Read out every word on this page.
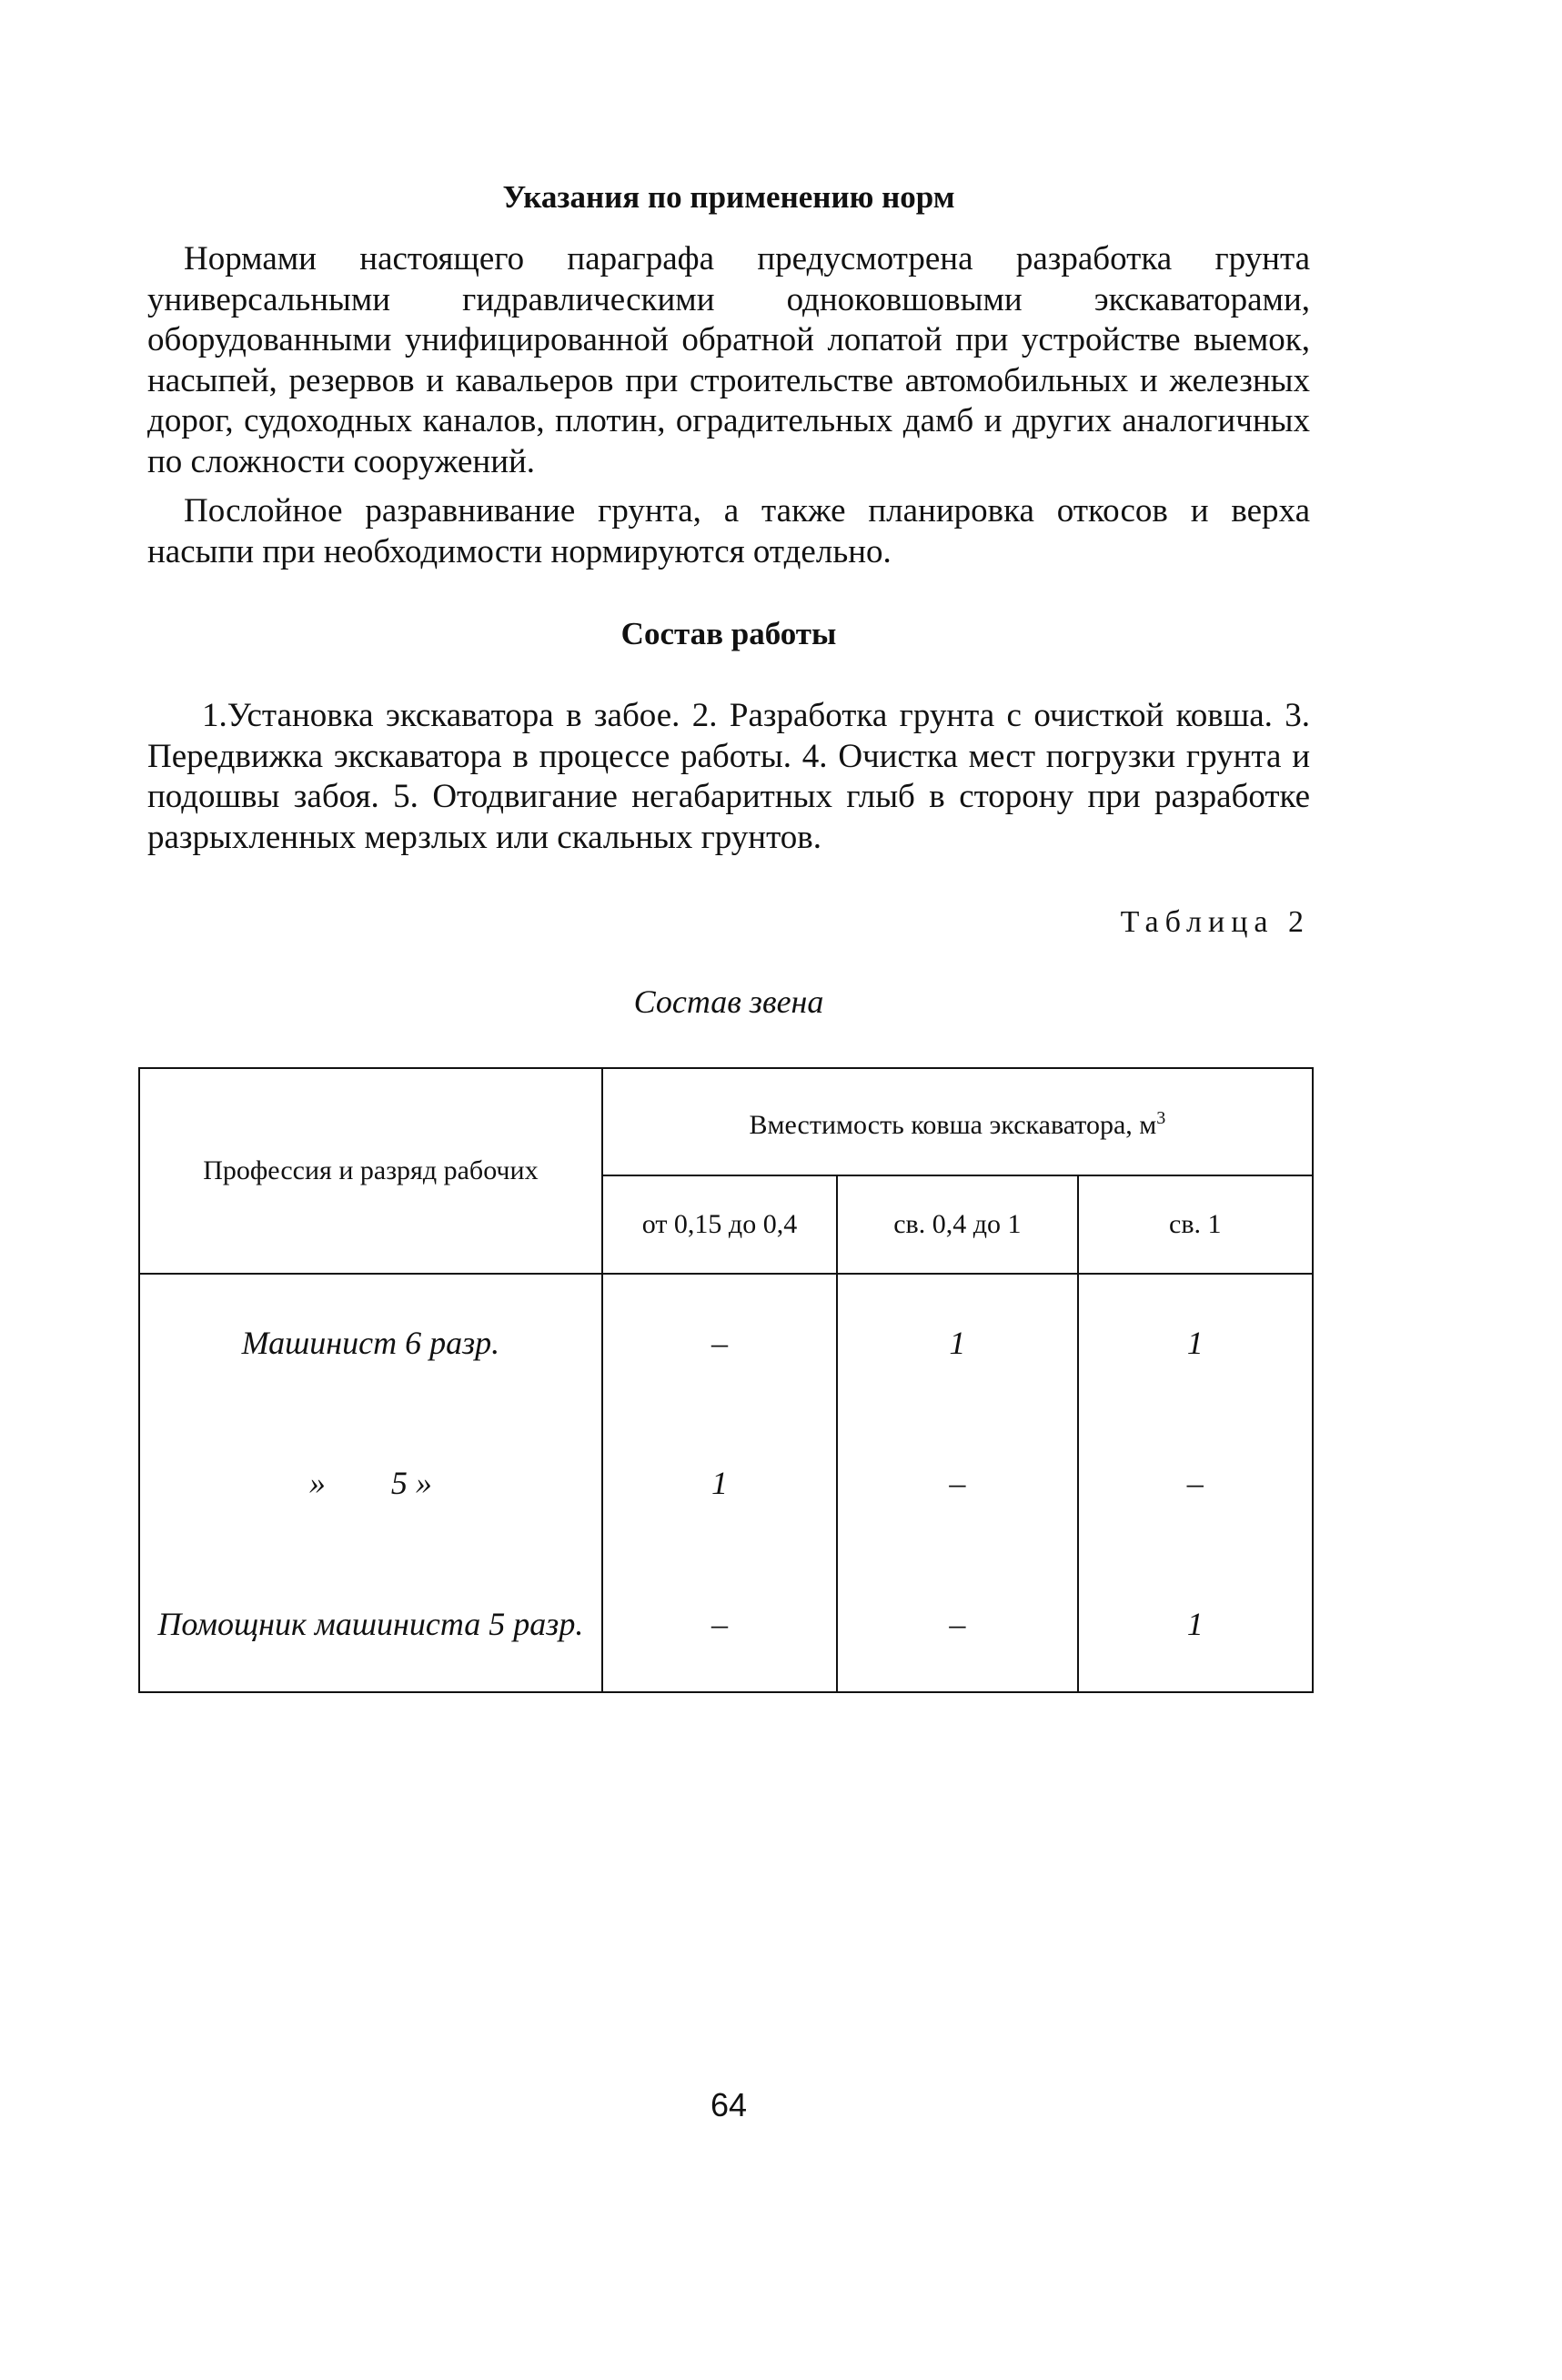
Указания по применению норм

Нормами настоящего параграфа предусмотрена разработка грунта универсальными гидравлическими одноковшовыми экскаваторами, оборудованными унифицированной обратной лопатой при устройстве выемок, насыпей, резервов и кавальеров при строительстве автомобильных и железных дорог, судоходных каналов, плотин, оградительных дамб и других аналогичных по сложности сооружений.

Послойное разравнивание грунта, а также планировка откосов и верха насыпи при необходимости нормируются отдельно.

Состав работы

1.Установка экскаватора в забое. 2. Разработка грунта с очисткой ковша. 3. Передвижка экскаватора в процессе работы. 4. Очистка мест погрузки грунта и подошвы забоя. 5. Отодвигание негабаритных глыб в сторону при разработке разрыхленных мерзлых или скальных грунтов.

Таблица 2
Состав звена
Профессия и разряд рабочих	Вместимость ковша экскаватора, $м^3$
	от 0,15 до 0,4	св. 0,4 до 1	св. 1
Машинист 6 разр.	–	1	1
»        5 »	1	–	–
Помощник машиниста 5 разр.	–	–	1
64
